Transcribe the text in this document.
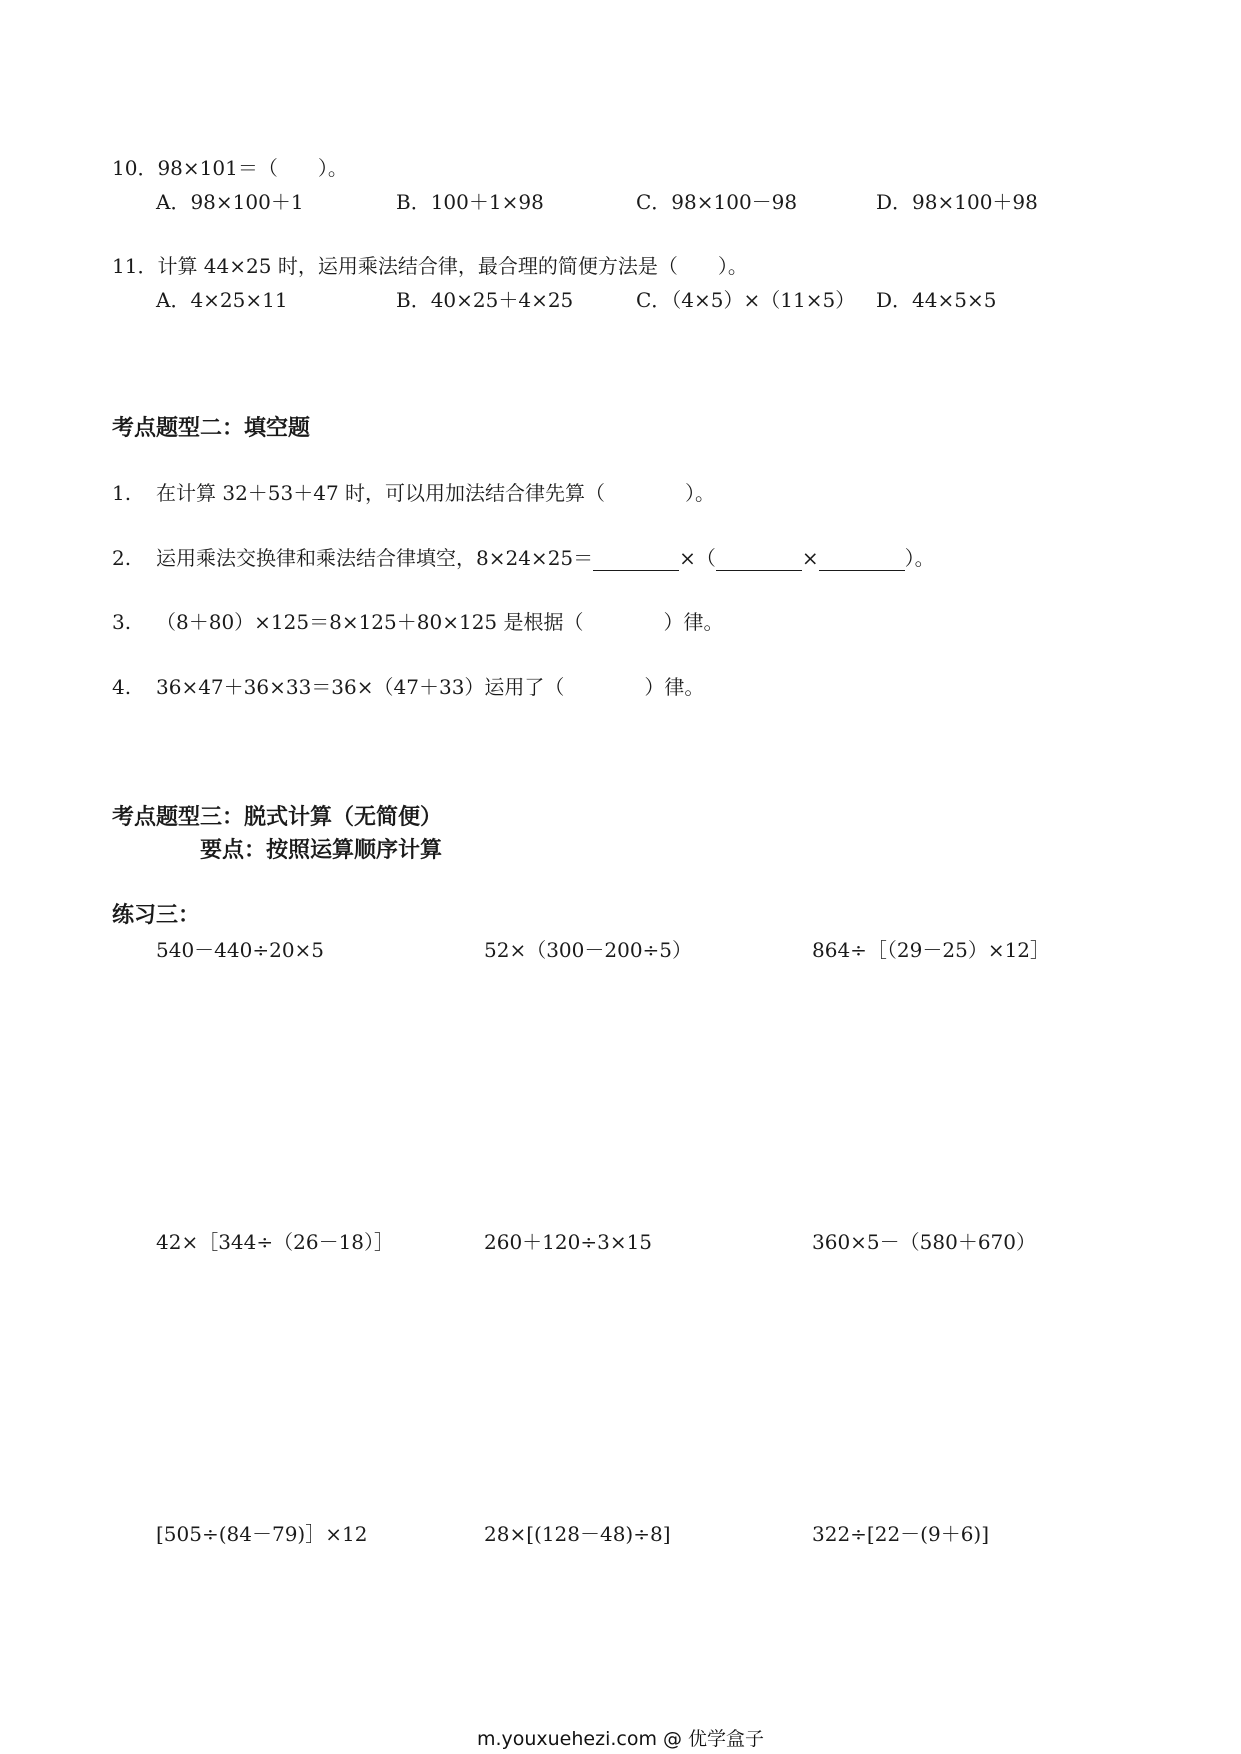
10．98×101＝（　　）。
A．98×100＋1	B．100＋1×98	C．98×100－98	D．98×100＋98
11．计算 44×25 时，运用乘法结合律，最合理的简便方法是（　　）。
A．4×25×11	B．40×25＋4×25	C．（4×5）×（11×5） D．44×5×5
考点题型二：填空题
1. 在计算 32＋53＋47 时，可以用加法结合律先算（　　　　）。
2. 运用乘法交换律和乘法结合律填空，8×24×25＝	×（	×	）。
3. （8＋80）×125＝8×125＋80×125 是根据（　　　　）律。
4. 36×47＋36×33＝36×（47＋33）运用了（　　　　）律。
考点题型三：脱式计算（无简便）
要点：按照运算顺序计算
练习三：
540－440÷20×5	52×（300－200÷5）	864÷［（29－25）×12］
42×［344÷（26－18）］	260＋120÷3×15	360×5－（580＋670）
[505÷(84－79)］×12	28×[(128－48)÷8]	322÷[22－(9＋6)]
m.youxuehezi.com @ 优学盒子
